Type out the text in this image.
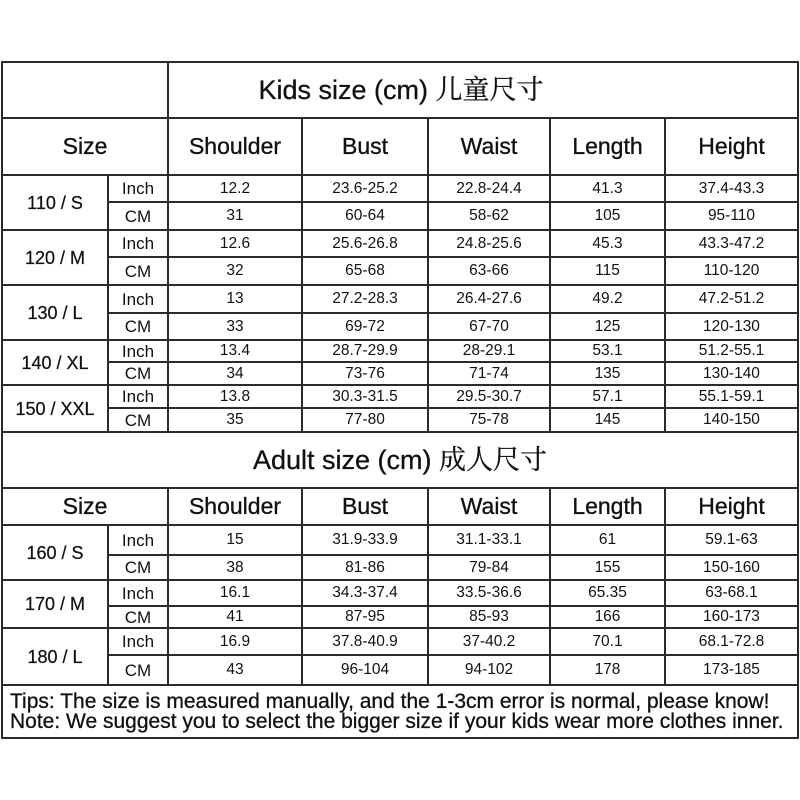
Kids size (cm) 儿童尺寸
Size	Shoulder	Bust	Waist	Length	Height
110 / S
Inch	12.2	23.6-25.2	22.8-24.4	41.3	37.4-43.3
CM	31	60-64	58-62	105	95-110
120 / M
Inch	12.6	25.6-26.8	24.8-25.6	45.3	43.3-47.2
CM	32	65-68	63-66	115	110-120
130 / L
Inch	13	27.2-28.3	26.4-27.6	49.2	47.2-51.2
CM	33	69-72	67-70	125	120-130
140 / XL
Inch	13.4	28.7-29.9	28-29.1	53.1	51.2-55.1
CM	34	73-76	71-74	135	130-140
150 / XXL
Inch	13.8	30.3-31.5	29.5-30.7	57.1	55.1-59.1
CM	35	77-80	75-78	145	140-150
Adult size (cm) 成人尺寸
Size	Shoulder	Bust	Waist	Length	Height
160 / S
Inch	15	31.9-33.9	31.1-33.1	61	59.1-63
CM	38	81-86	79-84	155	150-160
170 / M
Inch	16.1	34.3-37.4	33.5-36.6	65.35	63-68.1
CM	41	87-95	85-93	166	160-173
180 / L
Inch	16.9	37.8-40.9	37-40.2	70.1	68.1-72.8
CM	43	96-104	94-102	178	173-185
Tips: The size is measured manually, and the 1-3cm error is normal, please know!
Note: We suggest you to select the bigger size if your kids wear more clothes inner.
